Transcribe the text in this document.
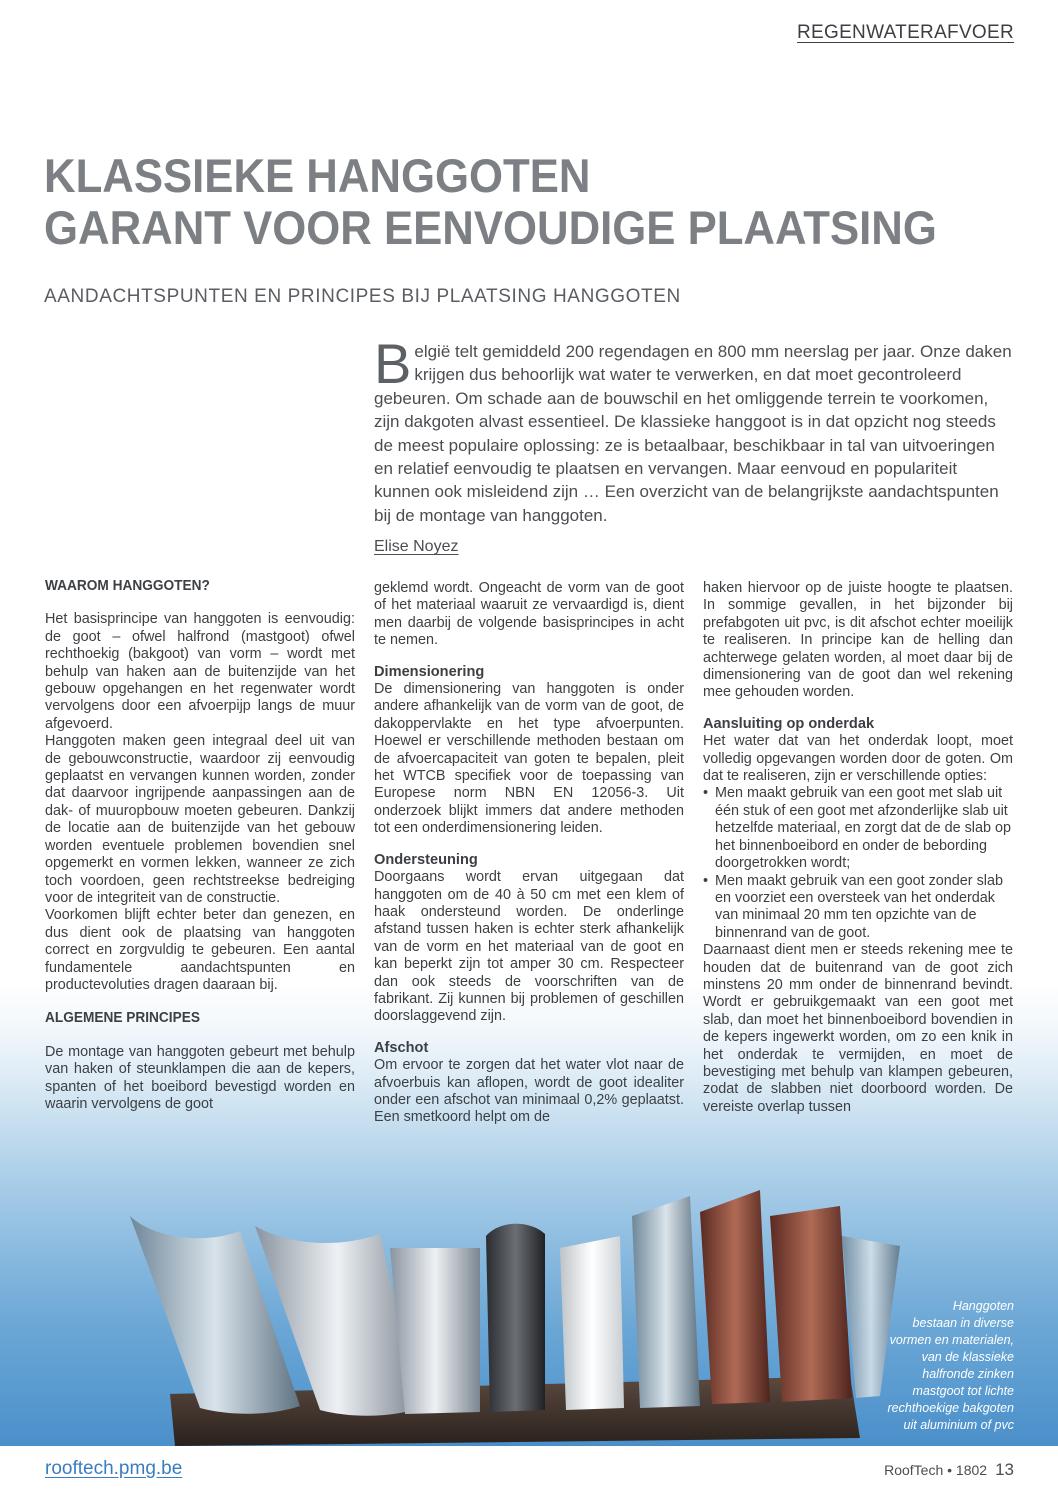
REGENWATERAFVOER
KLASSIEKE HANGGOTEN
GARANT VOOR EENVOUDIGE PLAATSING
AANDACHTSPUNTEN EN PRINCIPES BIJ PLAATSING HANGGOTEN

België telt gemiddeld 200 regendagen en 800 mm neerslag per jaar. Onze daken krijgen dus behoorlijk wat water te verwerken, en dat moet gecontroleerd gebeuren. Om schade aan de bouwschil en het omliggende terrein te voorkomen, zijn dakgoten alvast essentieel. De klassieke hanggoot is in dat opzicht nog steeds de meest populaire oplossing: ze is betaalbaar, beschikbaar in tal van uitvoeringen en relatief eenvoudig te plaatsen en vervangen. Maar eenvoud en populariteit kunnen ook misleidend zijn … Een overzicht van de belangrijkste aandachtspunten bij de montage van hanggoten.

Elise Noyez
WAAROM HANGGOTEN?

Het basisprincipe van hanggoten is eenvoudig: de goot – ofwel halfrond (mastgoot) ofwel rechthoekig (bakgoot) van vorm – wordt met behulp van haken aan de buitenzijde van het gebouw opgehangen en het regenwater wordt vervolgens door een afvoerpijp langs de muur afgevoerd.

Hanggoten maken geen integraal deel uit van de gebouwconstructie, waardoor zij eenvoudig geplaatst en vervangen kunnen worden, zonder dat daarvoor ingrijpende aanpassingen aan de dak- of muuropbouw moeten gebeuren. Dankzij de locatie aan de buitenzijde van het gebouw worden eventuele problemen bovendien snel opgemerkt en vormen lekken, wanneer ze zich toch voordoen, geen rechtstreekse bedreiging voor de integriteit van de constructie.

Voorkomen blijft echter beter dan genezen, en dus dient ook de plaatsing van hanggoten correct en zorgvuldig te gebeuren. Een aantal fundamentele aandachtspunten en productevoluties dragen daaraan bij.

ALGEMENE PRINCIPES

De montage van hanggoten gebeurt met behulp van haken of steunklampen die aan de kepers, spanten of het boeibord bevestigd worden en waarin vervolgens de goot

geklemd wordt. Ongeacht de vorm van de goot of het materiaal waaruit ze vervaardigd is, dient men daarbij de volgende basisprincipes in acht te nemen.

Dimensionering

De dimensionering van hanggoten is onder andere afhankelijk van de vorm van de goot, de dakoppervlakte en het type afvoerpunten. Hoewel er verschillende methoden bestaan om de afvoercapaciteit van goten te bepalen, pleit het WTCB specifiek voor de toepassing van Europese norm NBN EN 12056-3. Uit onderzoek blijkt immers dat andere methoden tot een onderdimensionering leiden.

Ondersteuning

Doorgaans wordt ervan uitgegaan dat hanggoten om de 40 à 50 cm met een klem of haak ondersteund worden. De onderlinge afstand tussen haken is echter sterk afhankelijk van de vorm en het materiaal van de goot en kan beperkt zijn tot amper 30 cm. Respecteer dan ook steeds de voorschriften van de fabrikant. Zij kunnen bij problemen of geschillen doorslaggevend zijn.

Afschot

Om ervoor te zorgen dat het water vlot naar de afvoerbuis kan aflopen, wordt de goot idealiter onder een afschot van minimaal 0,2% geplaatst. Een smetkoord helpt om de

haken hiervoor op de juiste hoogte te plaatsen. In sommige gevallen, in het bijzonder bij prefabgoten uit pvc, is dit afschot echter moeilijk te realiseren. In principe kan de helling dan achterwege gelaten worden, al moet daar bij de dimensionering van de goot dan wel rekening mee gehouden worden.

Aansluiting op onderdak

Het water dat van het onderdak loopt, moet volledig opgevangen worden door de goten. Om dat te realiseren, zijn er verschillende opties:

• Men maakt gebruik van een goot met slab uit één stuk of een goot met afzonderlijke slab uit hetzelfde materiaal, en zorgt dat de de slab op het binnenboeibord en onder de bebording doorgetrokken wordt;
• Men maakt gebruik van een goot zonder slab en voorziet een oversteek van het onderdak van minimaal 20 mm ten opzichte van de binnenrand van de goot.

Daarnaast dient men er steeds rekening mee te houden dat de buitenrand van de goot zich minstens 20 mm onder de binnenrand bevindt. Wordt er gebruikgemaakt van een goot met slab, dan moet het binnenboeibord bovendien in de kepers ingewerkt worden, om zo een knik in het onderdak te vermijden, en moet de bevestiging met behulp van klampen gebeuren, zodat de slabben niet doorboord worden. De vereiste overlap tussen

Hanggoten
bestaan in diverse
vormen en materialen,
van de klassieke
halfronde zinken
mastgoot tot lichte
rechthoekige bakgoten
uit aluminium of pvc
rooftech.pmg.be	RoofTech • 1802 13
